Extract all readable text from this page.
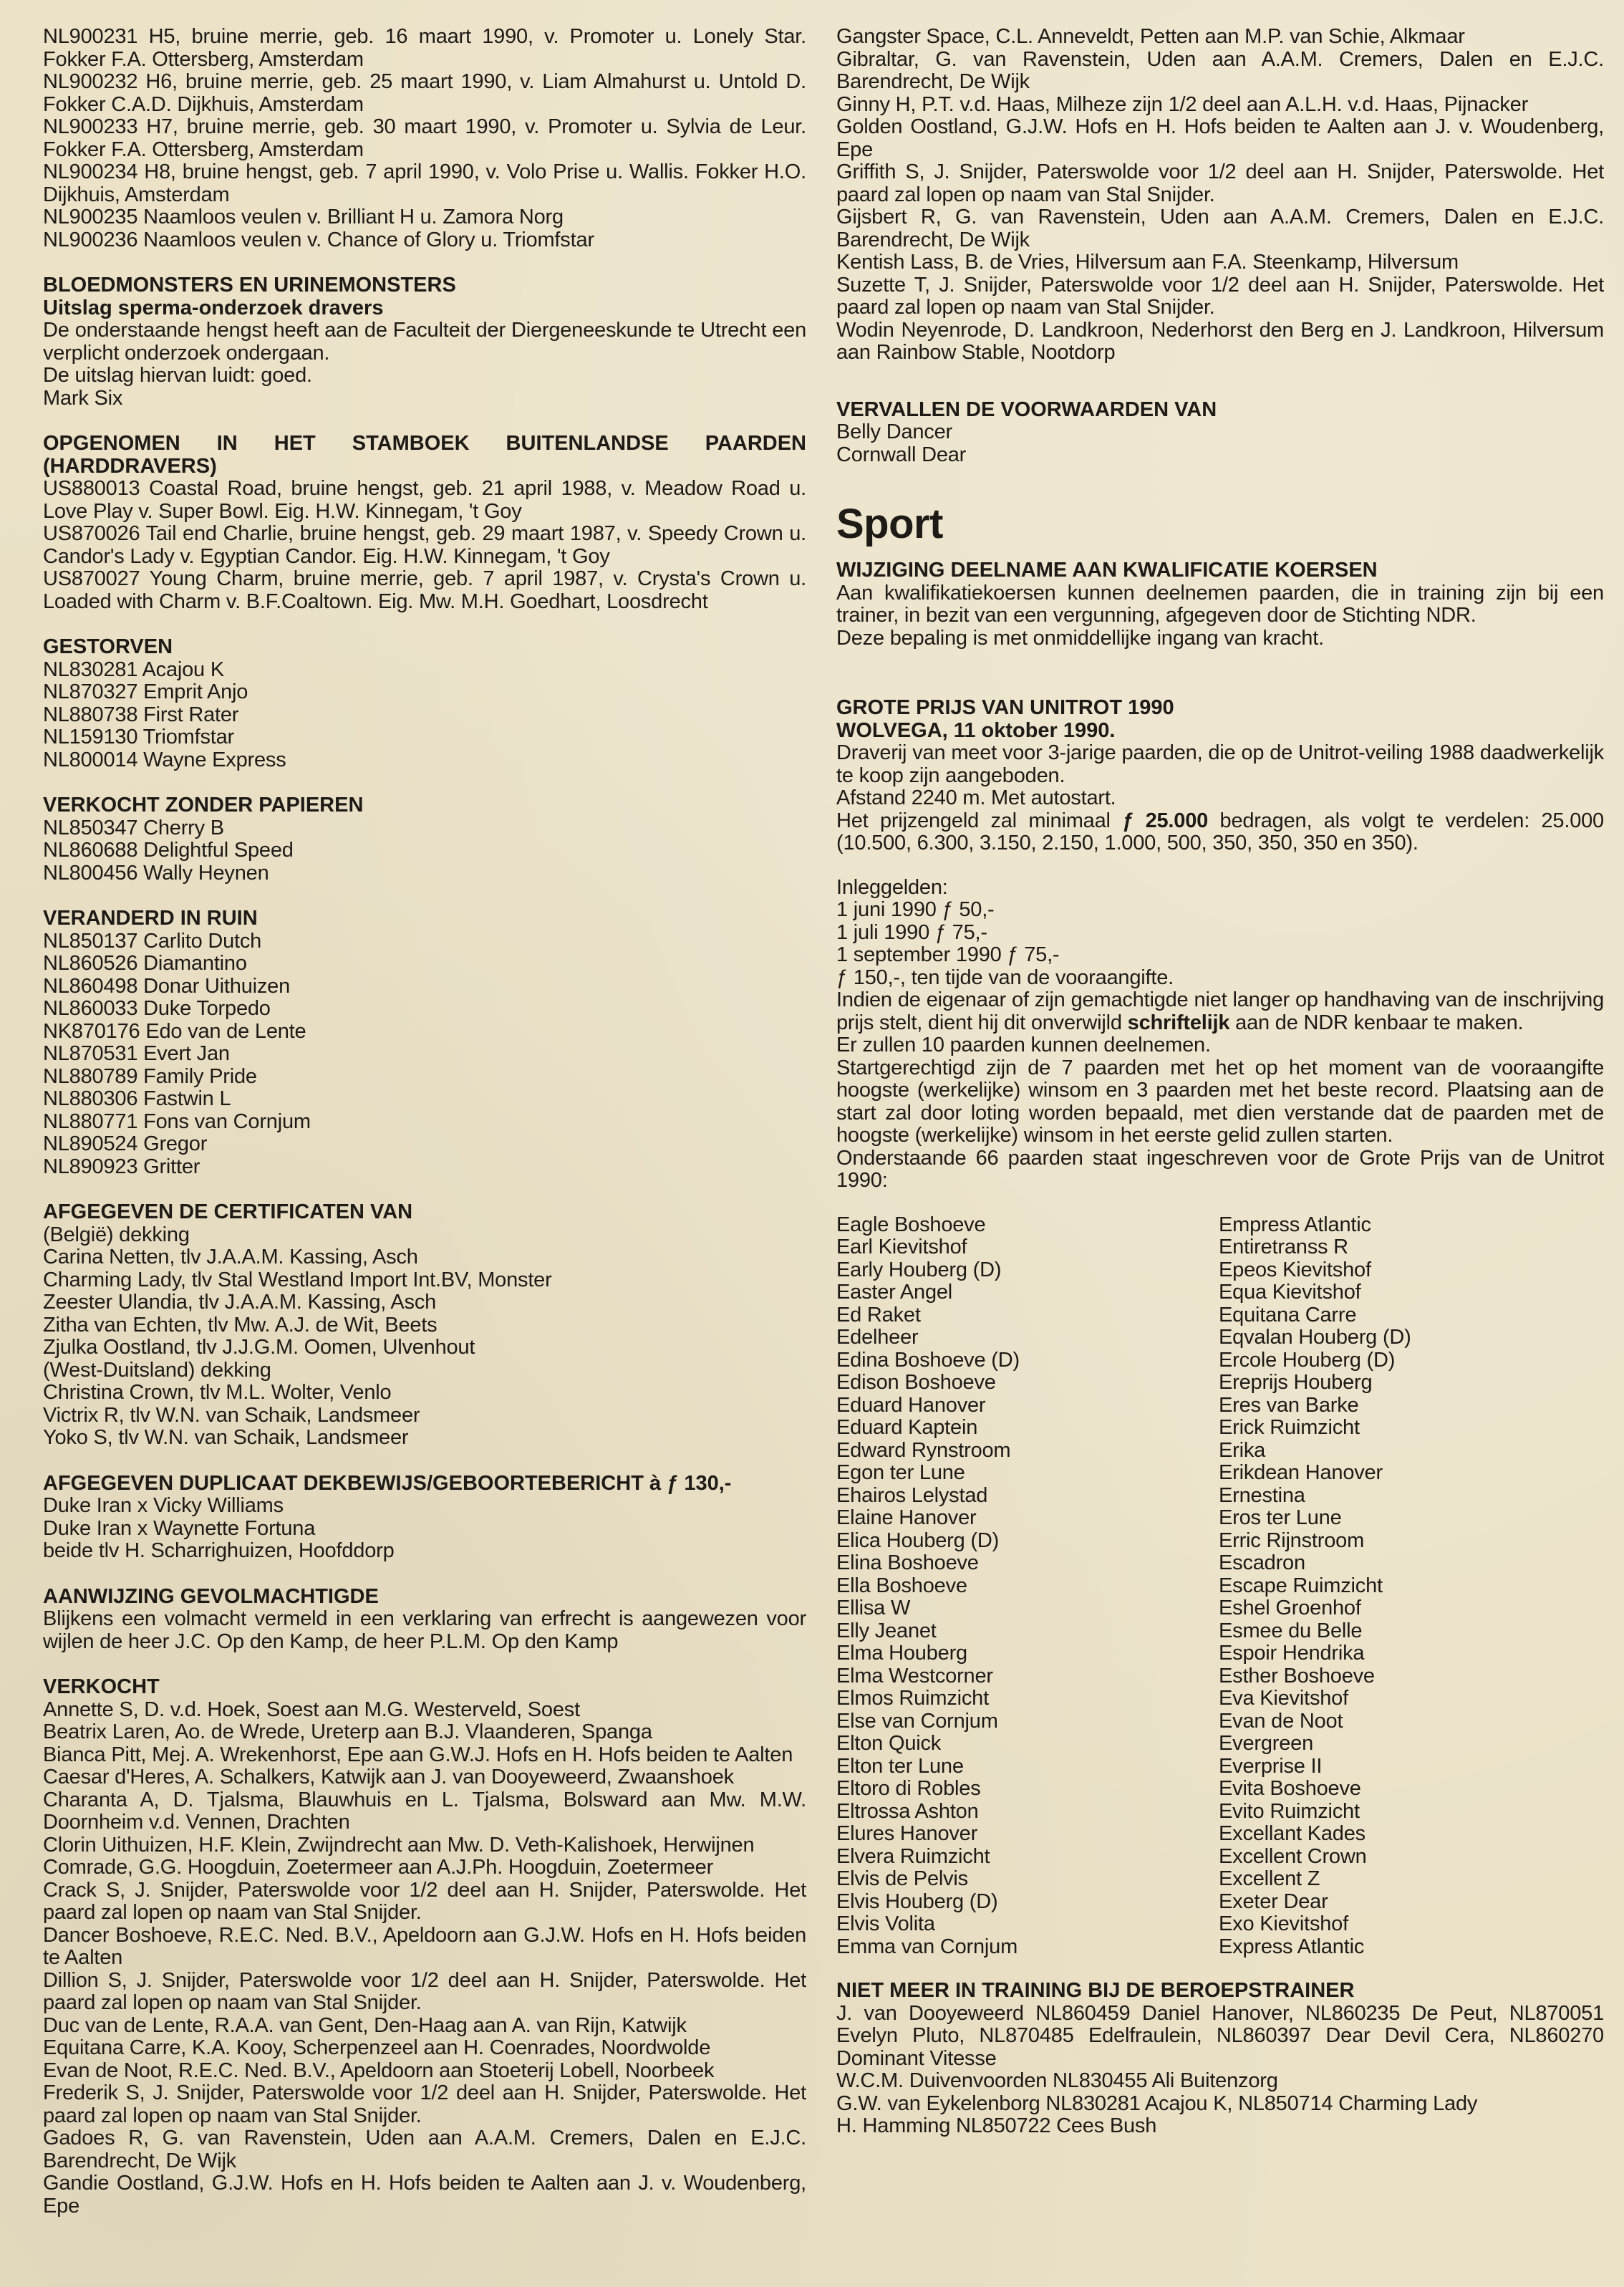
NL900231 H5, bruine merrie, geb. 16 maart 1990, v. Promoter u. Lonely Star. Fokker F.A. Ottersberg, Amsterdam

NL900232 H6, bruine merrie, geb. 25 maart 1990, v. Liam Almahurst u. Untold D. Fokker C.A.D. Dijkhuis, Amsterdam

NL900233 H7, bruine merrie, geb. 30 maart 1990, v. Promoter u. Sylvia de Leur. Fokker F.A. Ottersberg, Amsterdam

NL900234 H8, bruine hengst, geb. 7 april 1990, v. Volo Prise u. Wallis. Fokker H.O. Dijkhuis, Amsterdam

NL900235 Naamloos veulen v. Brilliant H u. Zamora Norg

NL900236 Naamloos veulen v. Chance of Glory u. Triomfstar

BLOEDMONSTERS EN URINEMONSTERS

Uitslag sperma-onderzoek dravers

De onderstaande hengst heeft aan de Faculteit der Diergeneeskunde te Utrecht een verplicht onderzoek ondergaan.

De uitslag hiervan luidt: goed.

Mark Six

OPGENOMEN IN HET STAMBOEK BUITENLANDSE PAARDEN (HARDDRAVERS)

US880013 Coastal Road, bruine hengst, geb. 21 april 1988, v. Meadow Road u. Love Play v. Super Bowl. Eig. H.W. Kinnegam, 't Goy

US870026 Tail end Charlie, bruine hengst, geb. 29 maart 1987, v. Speedy Crown u. Candor's Lady v. Egyptian Candor. Eig. H.W. Kinnegam, 't Goy

US870027 Young Charm, bruine merrie, geb. 7 april 1987, v. Crysta's Crown u. Loaded with Charm v. B.F.Coaltown. Eig. Mw. M.H. Goedhart, Loosdrecht

GESTORVEN

NL830281 Acajou K

NL870327 Emprit Anjo

NL880738 First Rater

NL159130 Triomfstar

NL800014 Wayne Express

VERKOCHT ZONDER PAPIEREN

NL850347 Cherry B

NL860688 Delightful Speed

NL800456 Wally Heynen

VERANDERD IN RUIN

NL850137 Carlito Dutch

NL860526 Diamantino

NL860498 Donar Uithuizen

NL860033 Duke Torpedo

NK870176 Edo van de Lente

NL870531 Evert Jan

NL880789 Family Pride

NL880306 Fastwin L

NL880771 Fons van Cornjum

NL890524 Gregor

NL890923 Gritter

AFGEGEVEN DE CERTIFICATEN VAN

(België) dekking

Carina Netten, tlv J.A.A.M. Kassing, Asch

Charming Lady, tlv Stal Westland Import Int.BV, Monster

Zeester Ulandia, tlv J.A.A.M. Kassing, Asch

Zitha van Echten, tlv Mw. A.J. de Wit, Beets

Zjulka Oostland, tlv J.J.G.M. Oomen, Ulvenhout

(West-Duitsland) dekking

Christina Crown, tlv M.L. Wolter, Venlo

Victrix R, tlv W.N. van Schaik, Landsmeer

Yoko S, tlv W.N. van Schaik, Landsmeer

AFGEGEVEN DUPLICAAT DEKBEWIJS/GEBOORTEBERICHT à ƒ 130,-

Duke Iran x Vicky Williams

Duke Iran x Waynette Fortuna

beide tlv H. Scharrighuizen, Hoofddorp

AANWIJZING GEVOLMACHTIGDE

Blijkens een volmacht vermeld in een verklaring van erfrecht is aangewezen voor wijlen de heer J.C. Op den Kamp, de heer P.L.M. Op den Kamp

VERKOCHT

Annette S, D. v.d. Hoek, Soest aan M.G. Westerveld, Soest

Beatrix Laren, Ao. de Wrede, Ureterp aan B.J. Vlaanderen, Spanga

Bianca Pitt, Mej. A. Wrekenhorst, Epe aan G.W.J. Hofs en H. Hofs beiden te Aalten

Caesar d'Heres, A. Schalkers, Katwijk aan J. van Dooyeweerd, Zwaanshoek

Charanta A, D. Tjalsma, Blauwhuis en L. Tjalsma, Bolsward aan Mw. M.W. Doornheim v.d. Vennen, Drachten

Clorin Uithuizen, H.F. Klein, Zwijndrecht aan Mw. D. Veth-Kalishoek, Herwijnen

Comrade, G.G. Hoogduin, Zoetermeer aan A.J.Ph. Hoogduin, Zoetermeer

Crack S, J. Snijder, Paterswolde voor 1/2 deel aan H. Snijder, Paterswolde. Het paard zal lopen op naam van Stal Snijder.

Dancer Boshoeve, R.E.C. Ned. B.V., Apeldoorn aan G.J.W. Hofs en H. Hofs beiden te Aalten

Dillion S, J. Snijder, Paterswolde voor 1/2 deel aan H. Snijder, Paterswolde. Het paard zal lopen op naam van Stal Snijder.

Duc van de Lente, R.A.A. van Gent, Den-Haag aan A. van Rijn, Katwijk

Equitana Carre, K.A. Kooy, Scherpenzeel aan H. Coenrades, Noordwolde

Evan de Noot, R.E.C. Ned. B.V., Apeldoorn aan Stoeterij Lobell, Noorbeek

Frederik S, J. Snijder, Paterswolde voor 1/2 deel aan H. Snijder, Paterswolde. Het paard zal lopen op naam van Stal Snijder.

Gadoes R, G. van Ravenstein, Uden aan A.A.M. Cremers, Dalen en E.J.C. Barendrecht, De Wijk

Gandie Oostland, G.J.W. Hofs en H. Hofs beiden te Aalten aan J. v. Woudenberg, Epe

Gangster Space, C.L. Anneveldt, Petten aan M.P. van Schie, Alkmaar

Gibraltar, G. van Ravenstein, Uden aan A.A.M. Cremers, Dalen en E.J.C. Barendrecht, De Wijk

Ginny H, P.T. v.d. Haas, Milheze zijn 1/2 deel aan A.L.H. v.d. Haas, Pijnacker

Golden Oostland, G.J.W. Hofs en H. Hofs beiden te Aalten aan J. v. Woudenberg, Epe

Griffith S, J. Snijder, Paterswolde voor 1/2 deel aan H. Snijder, Paterswolde. Het paard zal lopen op naam van Stal Snijder.

Gijsbert R, G. van Ravenstein, Uden aan A.A.M. Cremers, Dalen en E.J.C. Barendrecht, De Wijk

Kentish Lass, B. de Vries, Hilversum aan F.A. Steenkamp, Hilversum

Suzette T, J. Snijder, Paterswolde voor 1/2 deel aan H. Snijder, Paterswolde. Het paard zal lopen op naam van Stal Snijder.

Wodin Neyenrode, D. Landkroon, Nederhorst den Berg en J. Landkroon, Hilversum aan Rainbow Stable, Nootdorp

VERVALLEN DE VOORWAARDEN VAN

Belly Dancer

Cornwall Dear

Sport

WIJZIGING DEELNAME AAN KWALIFICATIE KOERSEN

Aan kwalifikatiekoersen kunnen deelnemen paarden, die in training zijn bij een trainer, in bezit van een vergunning, afgegeven door de Stichting NDR.

Deze bepaling is met onmiddellijke ingang van kracht.

GROTE PRIJS VAN UNITROT 1990

WOLVEGA, 11 oktober 1990.

Draverij van meet voor 3-jarige paarden, die op de Unitrot-veiling 1988 daadwerkelijk te koop zijn aangeboden.

Afstand 2240 m. Met autostart.

Het prijzengeld zal minimaal ƒ 25.000 bedragen, als volgt te verdelen: 25.000 (10.500, 6.300, 3.150, 2.150, 1.000, 500, 350, 350, 350 en 350).

Inleggelden:

1 juni 1990 ƒ 50,-

1 juli 1990 ƒ 75,-

1 september 1990 ƒ 75,-

ƒ 150,-, ten tijde van de vooraangifte.

Indien de eigenaar of zijn gemachtigde niet langer op handhaving van de inschrijving prijs stelt, dient hij dit onverwijld schriftelijk aan de NDR kenbaar te maken.

Er zullen 10 paarden kunnen deelnemen.

Startgerechtigd zijn de 7 paarden met het op het moment van de vooraangifte hoogste (werkelijke) winsom en 3 paarden met het beste record. Plaatsing aan de start zal door loting worden bepaald, met dien verstande dat de paarden met de hoogste (werkelijke) winsom in het eerste gelid zullen starten.

Onderstaande 66 paarden staat ingeschreven voor de Grote Prijs van de Unitrot 1990:

Eagle Boshoeve

Earl Kievitshof

Early Houberg (D)

Easter Angel

Ed Raket

Edelheer

Edina Boshoeve (D)

Edison Boshoeve

Eduard Hanover

Eduard Kaptein

Edward Rynstroom

Egon ter Lune

Ehairos Lelystad

Elaine Hanover

Elica Houberg (D)

Elina Boshoeve

Ella Boshoeve

Ellisa W

Elly Jeanet

Elma Houberg

Elma Westcorner

Elmos Ruimzicht

Else van Cornjum

Elton Quick

Elton ter Lune

Eltoro di Robles

Eltrossa Ashton

Elures Hanover

Elvera Ruimzicht

Elvis de Pelvis

Elvis Houberg (D)

Elvis Volita

Emma van Cornjum

Empress Atlantic

Entiretranss R

Epeos Kievitshof

Equa Kievitshof

Equitana Carre

Eqvalan Houberg (D)

Ercole Houberg (D)

Ereprijs Houberg

Eres van Barke

Erick Ruimzicht

Erika

Erikdean Hanover

Ernestina

Eros ter Lune

Erric Rijnstroom

Escadron

Escape Ruimzicht

Eshel Groenhof

Esmee du Belle

Espoir Hendrika

Esther Boshoeve

Eva Kievitshof

Evan de Noot

Evergreen

Everprise II

Evita Boshoeve

Evito Ruimzicht

Excellant Kades

Excellent Crown

Excellent Z

Exeter Dear

Exo Kievitshof

Express Atlantic

NIET MEER IN TRAINING BIJ DE BEROEPSTRAINER

J. van Dooyeweerd NL860459 Daniel Hanover, NL860235 De Peut, NL870051 Evelyn Pluto, NL870485 Edelfraulein, NL860397 Dear Devil Cera, NL860270 Dominant Vitesse

W.C.M. Duivenvoorden NL830455 Ali Buitenzorg

G.W. van Eykelenborg NL830281 Acajou K, NL850714 Charming Lady

H. Hamming NL850722 Cees Bush
